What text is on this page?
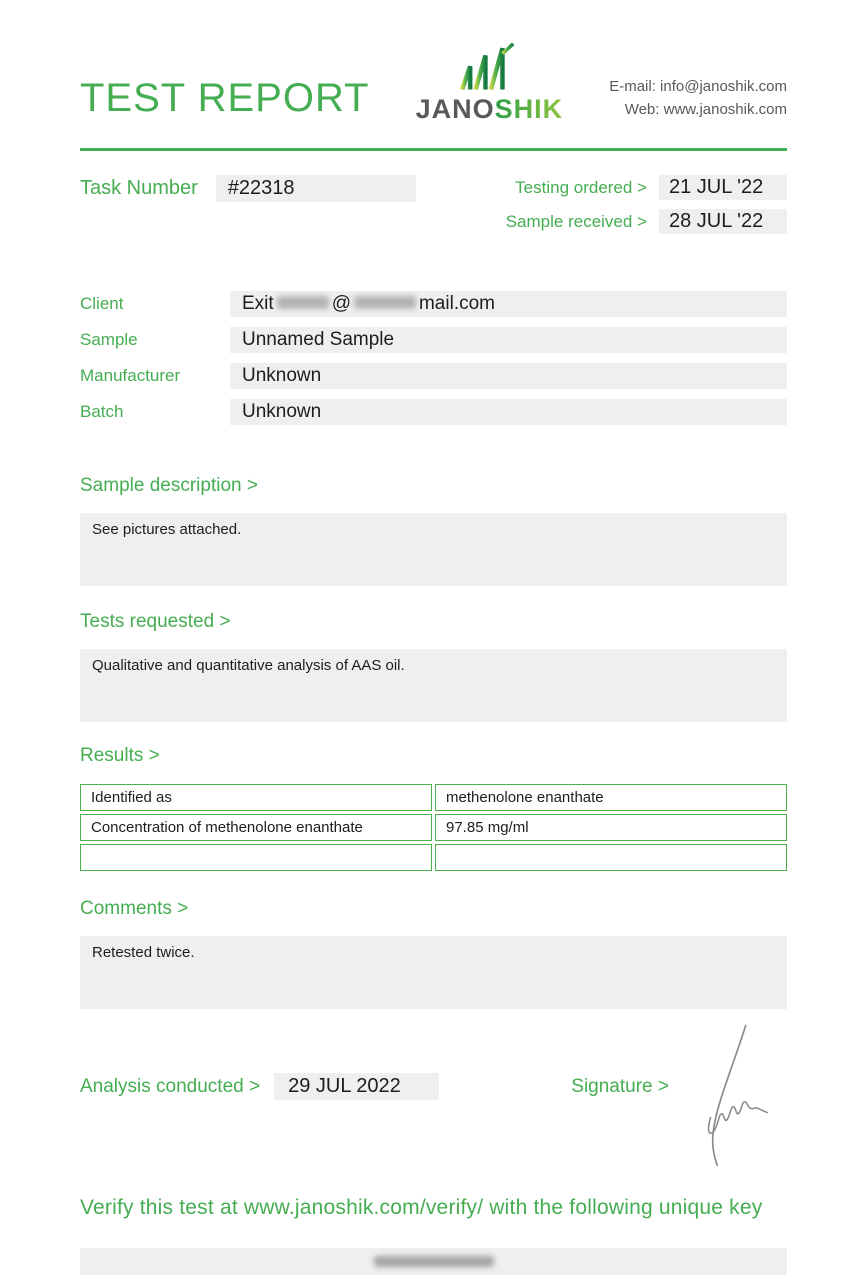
TEST REPORT JANOSHIK
E-mail: info@janoshik.com
Web: www.janoshik.com
Task Number	#22318	Testing ordered >	21 JUL '22
Sample received >	28 JUL '22
Client	Exit	@	mail.com
Sample	Unnamed Sample
Manufacturer	Unknown
Batch	Unknown
Sample description >
See pictures attached.
Tests requested >
Qualitative and quantitative analysis of AAS oil.
Results >
Identified as	methenolone enanthate
Concentration of methenolone enanthate	97.85 mg/ml

Comments >
Retested twice.
Analysis conducted >	29 JUL 2022	Signature >
Verify this test at www.janoshik.com/verify/ with the following unique key
